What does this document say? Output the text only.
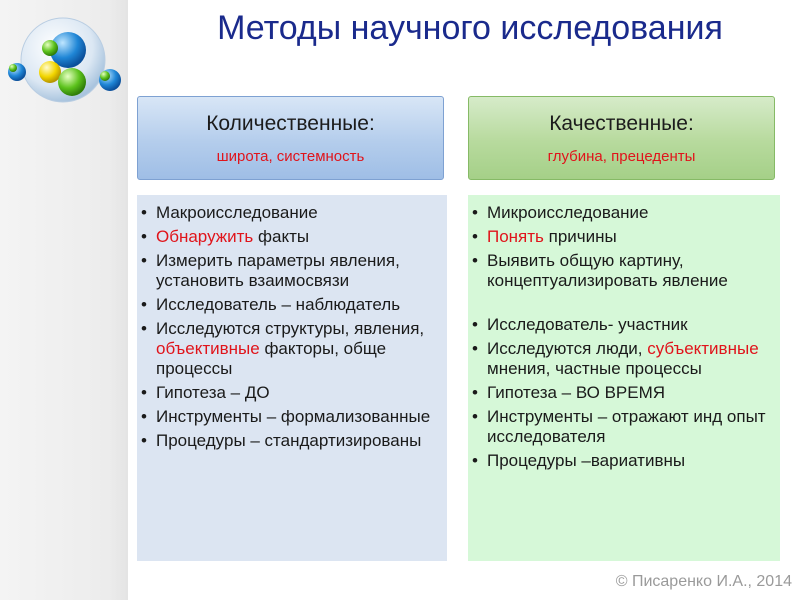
Методы научного исследования
Количественные:
широта, системность
Качественные:
глубина, прецеденты
• Макроисследование
• Обнаружить факты
• Измерить параметры явления, установить взаимосвязи
• Исследователь – наблюдатель
• Исследуются структуры, явления, объективные факторы, обще процессы
• Гипотеза – ДО
• Инструменты – формализованные
• Процедуры – стандартизированы
• Микроисследование
• Понять причины
• Выявить общую картину, концептуализировать явление
• Исследователь- участник
• Исследуются люди, субъективные мнения, частные процессы
• Гипотеза – ВО ВРЕМЯ
• Инструменты – отражают инд опыт исследователя
• Процедуры –вариативны
© Писаренко И.А., 2014
